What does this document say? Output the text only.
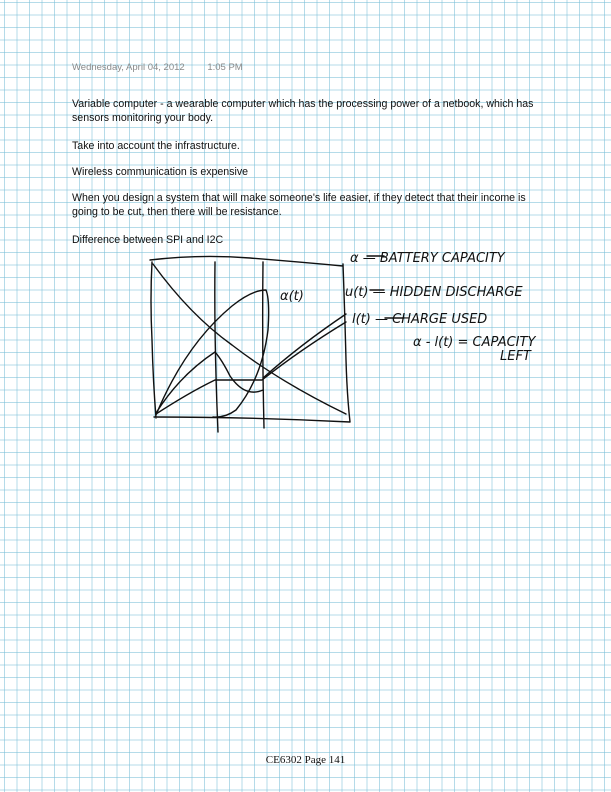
Wednesday, April 04, 2012 1:05 PM

Variable computer - a wearable computer which has the processing power of a netbook, which has sensors monitoring your body.

Take into account the infrastructure.

Wireless communication is expensive

When you design a system that will make someone's life easier, if they detect that their income is going to be cut, then there will be resistance.

Difference between SPI and I2C

α(t)
α — BATTERY CAPACITY
u(t) — HIDDEN DISCHARGE
l(t) — CHARGE USED
α - l(t) = CAPACITY
LEFT
CE6302 Page 141
